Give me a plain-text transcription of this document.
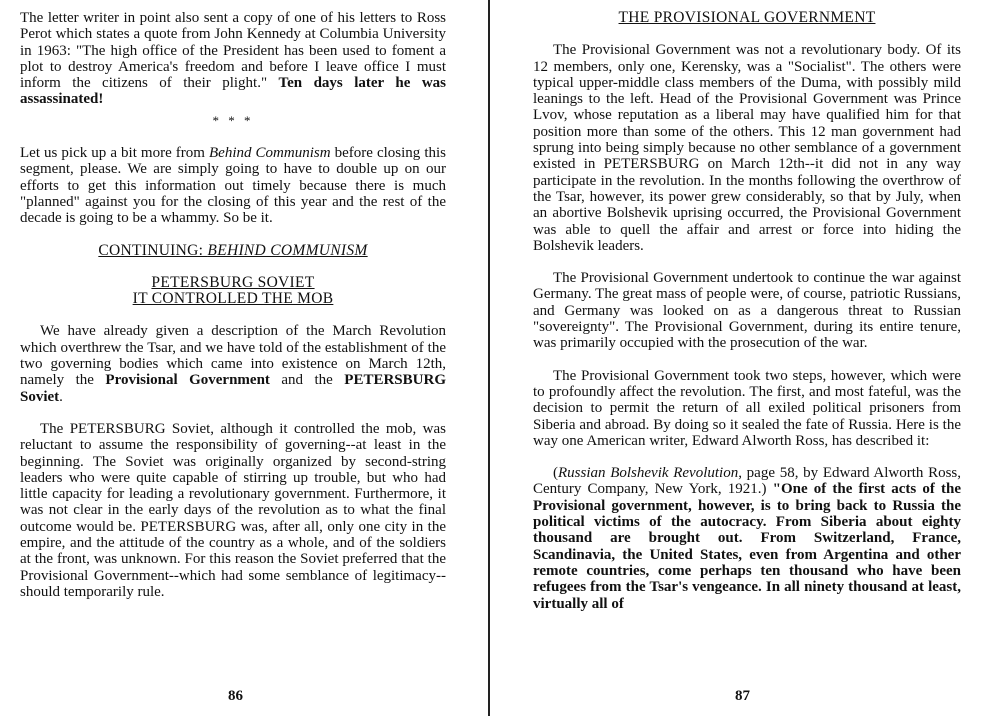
The letter writer in point also sent a copy of one of his letters to Ross Perot which states a quote from John Kennedy at Columbia University in 1963: "The high office of the President has been used to foment a plot to destroy America's freedom and before I leave office I must inform the citizens of their plight." Ten days later he was assassinated!

* * *

Let us pick up a bit more from Behind Communism before closing this segment, please. We are simply going to have to double up on our efforts to get this information out timely because there is much "planned" against you for the closing of this year and the rest of the decade is going to be a whammy. So be it.

CONTINUING: BEHIND COMMUNISM

PETERSBURG SOVIET

IT CONTROLLED THE MOB

We have already given a description of the March Revolution which overthrew the Tsar, and we have told of the establishment of the two governing bodies which came into existence on March 12th, namely the Provisional Government and the PETERSBURG Soviet.

The PETERSBURG Soviet, although it controlled the mob, was reluctant to assume the responsibility of governing--at least in the beginning. The Soviet was originally organized by second-string leaders who were quite capable of stirring up trouble, but who had little capacity for leading a revolutionary government. Furthermore, it was not clear in the early days of the revolution as to what the final outcome would be. PETERSBURG was, after all, only one city in the empire, and the attitude of the country as a whole, and of the soldiers at the front, was unknown. For this reason the Soviet preferred that the Provisional Government--which had some semblance of legitimacy--should temporarily rule.

86

THE PROVISIONAL GOVERNMENT

The Provisional Government was not a revolutionary body. Of its 12 members, only one, Kerensky, was a "Socialist". The others were typical upper-middle class members of the Duma, with possibly mild leanings to the left. Head of the Provisional Government was Prince Lvov, whose reputation as a liberal may have qualified him for that position more than some of the others. This 12 man government had sprung into being simply because no other semblance of a government existed in PETERSBURG on March 12th--it did not in any way participate in the revolution. In the months following the overthrow of the Tsar, however, its power grew considerably, so that by July, when an abortive Bolshevik uprising occurred, the Provisional Government was able to quell the affair and arrest or force into hiding the Bolshevik leaders.

The Provisional Government undertook to continue the war against Germany. The great mass of people were, of course, patriotic Russians, and Germany was looked on as a dangerous threat to Russian "sovereignty". The Provisional Government, during its entire tenure, was primarily occupied with the prosecution of the war.

The Provisional Government took two steps, however, which were to profoundly affect the revolution. The first, and most fateful, was the decision to permit the return of all exiled political prisoners from Siberia and abroad. By doing so it sealed the fate of Russia. Here is the way one American writer, Edward Alworth Ross, has described it:

(Russian Bolshevik Revolution, page 58, by Edward Alworth Ross, Century Company, New York, 1921.) "One of the first acts of the Provisional government, however, is to bring back to Russia the political victims of the autocracy. From Siberia about eighty thousand are brought out. From Switzerland, France, Scandinavia, the United States, even from Argentina and other remote countries, come perhaps ten thousand who have been refugees from the Tsar's vengeance. In all ninety thousand at least, virtually all of

87
